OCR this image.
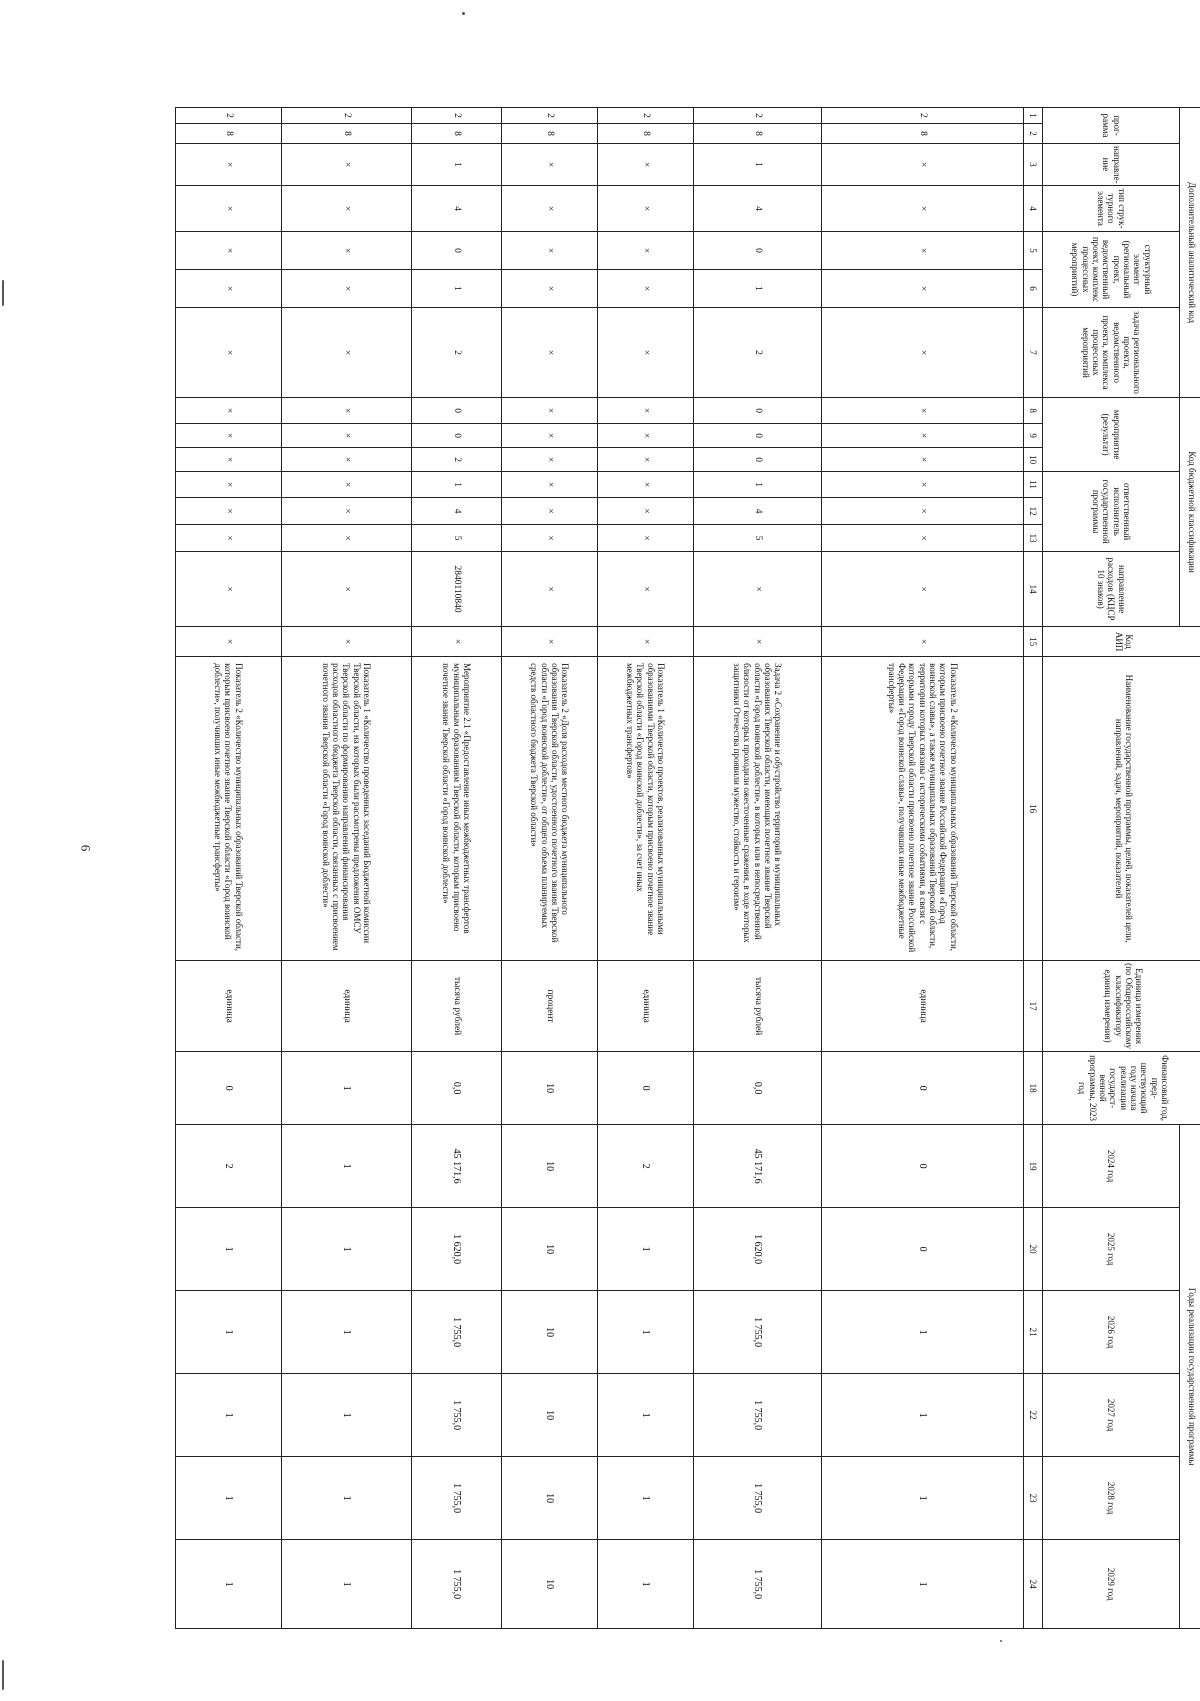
6
Дополнительный аналитический код							Код бюджетной классификации							Код АИП	Наименование государственной программы, целей, показателей цели, направлений, задач, мероприятий, показателей	Единица измерения (по Общероссийскому классификатору единиц измерения)	Финансовый год, пред- шествующий году начала реализации государст- венной программы, 2023 год	Годы реализации государственной программы					
прог- рамма		направле- ние	тип струк- турного элемента	структурный элемент (региональный проект, ведомственный проект, комплекс процессных мероприятий)		задача регионального проекта, ведомственного проекта, комплекса процессных мероприятий	мероприятие (результат)			ответственный исполнитель государственной программы			направление расходов (КЦСР 10 знаков)					2024 год	2025 год	2026 год	2027 год	2028 год	2029 год
1	2	3	4	5	6	7	8	9	10	11	12	13	14	15	16	17	18	19	20	21	22	23	24
2	8	×	×	×	×	×	×	×	×	×	×	×	×	×	Показатель 2 «Количество муниципальных образований Тверской области, которым присвоено почетное звание Российской Федерации «Город воинской славы», а также муниципальных образований Тверской области, территории которых связаны с историческими событиями, в связи с которыми городу Тверской области присвоено почетное звание Российской Федерации «Город воинской славы», получивших иные межбюджетные трансферты»	единица	0	0	0	1	1	1	1
2	8	1	4	0	1	2	0	0	0	1	4	5	×	×	Задача 2 «Сохранение и обустройство территорий в муниципальных образованиях Тверской области, имеющих почетное звание Тверской области «Город воинской доблести», в которых или в непосредственной близости от которых проходили ожесточенные сражения, в ходе которых защитники Отечества проявили мужество, стойкость и героизм»	тысяча рублей	0,0	45 171,6	1 620,0	1 755,0	1 755,0	1 755,0	1 755,0
2	8	×	×	×	×	×	×	×	×	×	×	×	×	×	Показатель 1 «Количество проектов, реализованных муниципальными образованиями Тверской области, которым присвоено почетное звание Тверской области «Город воинской доблести», за счет иных межбюджетных трансфертов»	единица	0	2	1	1	1	1	1
2	8	×	×	×	×	×	×	×	×	×	×	×	×	×	Показатель 2 «Доля расходов местного бюджета муниципального образования Тверской области, удостоенного почетного звания Тверской области «Город воинской доблести», от общего объема планируемых средств областного бюджета Тверской области»	процент	10	10	10	10	10	10	10
2	8	1	4	0	1	2	0	0	2	1	4	5	2840110840	×	Мероприятие 2.1 «Предоставление иных межбюджетных трансфертов муниципальным образованиям Тверской области, которым присвоено почетное звание Тверской области «Город воинской доблести»	тысяча рублей	0,0	45 171,6	1 620,0	1 755,0	1 755,0	1 755,0	1 755,0
2	8	×	×	×	×	×	×	×	×	×	×	×	×	×	Показатель 1 «Количество проведенных заседаний Бюджетной комиссии Тверской области, на которых были рассмотрены предложения ОМСУ Тверской области по формированию направлений финансирования расходов областного бюджета Тверской области, связанных с присвоением почетного звания Тверской области «Город воинской доблести»	единица	1	1	1	1	1	1	1
2	8	×	×	×	×	×	×	×	×	×	×	×	×	×	Показатель 2 «Количество муниципальных образований Тверской области, которым присвоено почетное звание Тверской области «Город воинской доблести», получивших иные межбюджетные трансферты»	единица	0	2	1	1	1	1	1
